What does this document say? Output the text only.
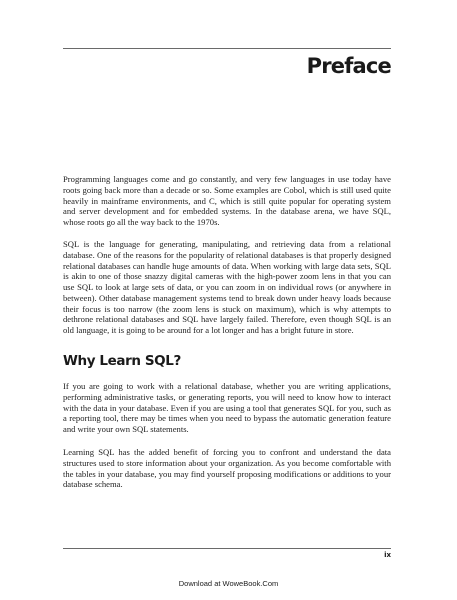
Preface

Programming languages come and go constantly, and very few languages in use today have roots going back more than a decade or so. Some examples are Cobol, which is still used quite heavily in mainframe environments, and C, which is still quite popular for operating system and server development and for embedded systems. In the database arena, we have SQL, whose roots go all the way back to the 1970s.

SQL is the language for generating, manipulating, and retrieving data from a relational database. One of the reasons for the popularity of relational databases is that properly designed relational databases can handle huge amounts of data. When working with large data sets, SQL is akin to one of those snazzy digital cameras with the high-power zoom lens in that you can use SQL to look at large sets of data, or you can zoom in on individual rows (or anywhere in between). Other database management systems tend to break down under heavy loads because their focus is too narrow (the zoom lens is stuck on maximum), which is why attempts to dethrone relational databases and SQL have largely failed. Therefore, even though SQL is an old language, it is going to be around for a lot longer and has a bright future in store.

Why Learn SQL?

If you are going to work with a relational database, whether you are writing applications, performing administrative tasks, or generating reports, you will need to know how to interact with the data in your database. Even if you are using a tool that generates SQL for you, such as a reporting tool, there may be times when you need to bypass the automatic generation feature and write your own SQL statements.

Learning SQL has the added benefit of forcing you to confront and understand the data structures used to store information about your organization. As you become comfortable with the tables in your database, you may find yourself proposing modifications or additions to your database schema.

ix
Download at WoweBook.Com
